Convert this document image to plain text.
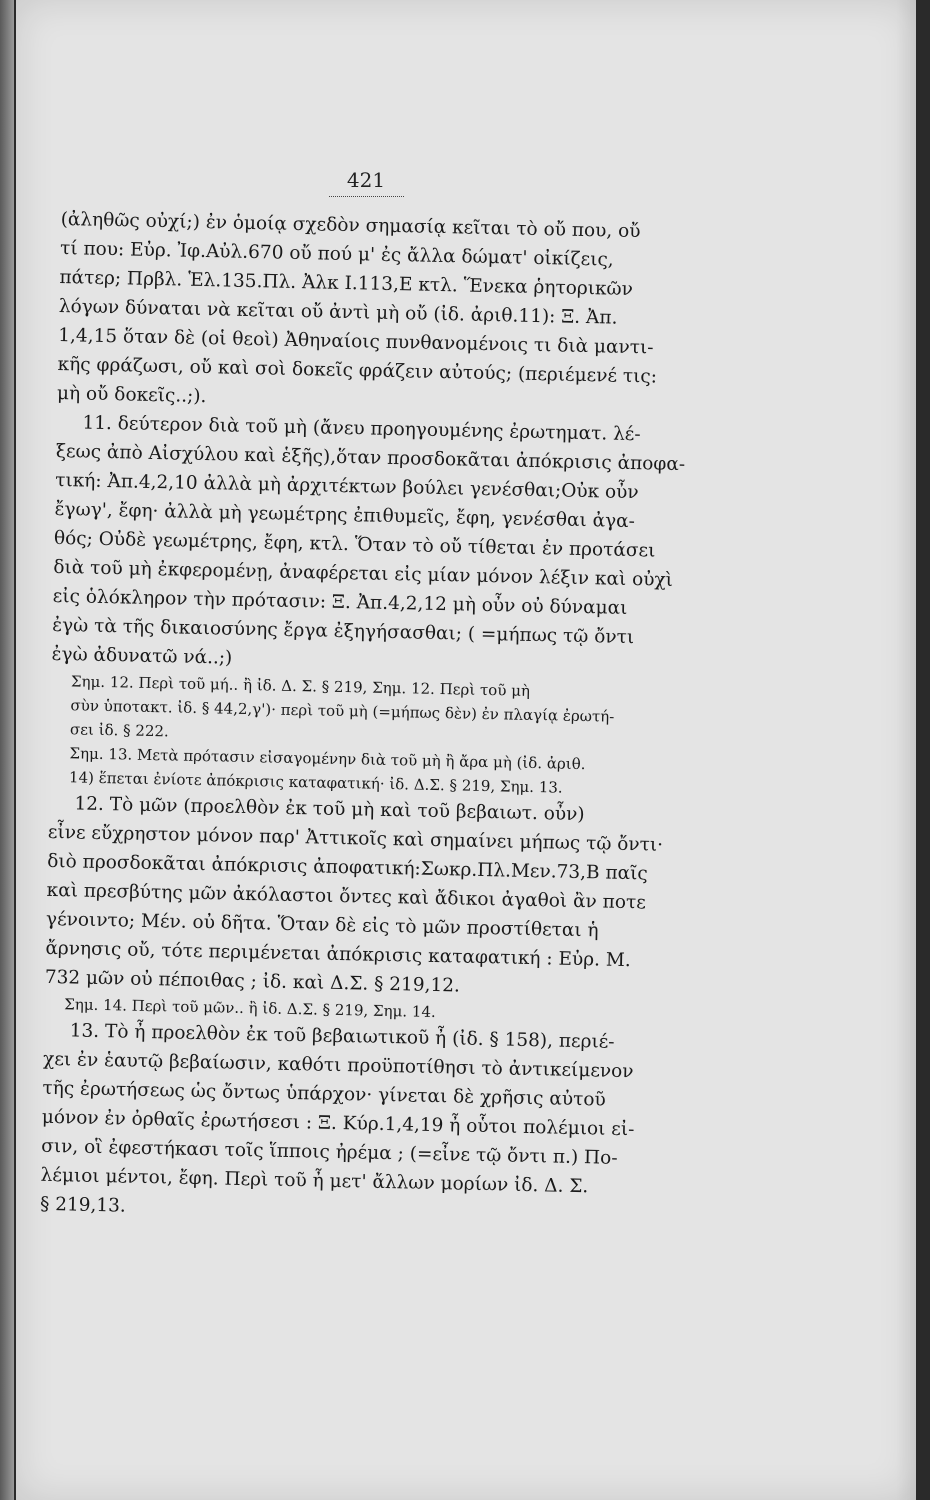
421
(ἀληθῶς οὐχί;) ἐν ὁμοίᾳ σχεδὸν σημασίᾳ κεῖται τὸ οὔ που, οὔ
τί που: Εὐρ. Ἰφ.Αὐλ.670 οὔ πού μ' ἐς ἄλλα δώματ' οἰκίζεις,
πάτερ; Πρβλ. Ἑλ.135.Πλ. Ἀλκ Ι.113,Ε κτλ. Ἕνεκα ῥητορικῶν
λόγων δύναται νὰ κεῖται οὔ ἀντὶ μὴ οὔ (ἰδ. ἀριθ.11): Ξ. Ἀπ.
1,4,15 ὅταν δὲ (οἱ θεοὶ) Ἀθηναίοις πυνθανομένοις τι διὰ μαντι-
κῆς φράζωσι, οὔ καὶ σοὶ δοκεῖς φράζειν αὐτούς; (περιέμενέ τις:
μὴ οὔ δοκεῖς..;).
11. δεύτερον διὰ τοῦ μὴ (ἄνευ προηγουμένης ἐρωτηματ. λέ-
ξεως ἀπὸ Αἰσχύλου καὶ ἑξῆς),ὅταν προσδοκᾶται ἀπόκρισις ἀποφα-
τική: Ἀπ.4,2,10 ἀλλὰ μὴ ἀρχιτέκτων βούλει γενέσθαι;Οὐκ οὖν
ἔγωγ', ἔφη· ἀλλὰ μὴ γεωμέτρης ἐπιθυμεῖς, ἔφη, γενέσθαι ἀγα-
θός; Οὐδὲ γεωμέτρης, ἔφη, κτλ. Ὅταν τὸ οὔ τίθεται ἐν προτάσει
διὰ τοῦ μὴ ἐκφερομένῃ, ἀναφέρεται εἰς μίαν μόνον λέξιν καὶ οὐχὶ
εἰς ὁλόκληρον τὴν πρότασιν: Ξ. Ἀπ.4,2,12 μὴ οὖν οὐ δύναμαι
ἐγὼ τὰ τῆς δικαιοσύνης ἔργα ἐξηγήσασθαι; ( =μήπως τῷ ὄντι
ἐγὼ ἀδυνατῶ νά..;)
Σημ. 12. Περὶ τοῦ μή.. ἢ ἰδ. Δ. Σ. § 219, Σημ. 12. Περὶ τοῦ μὴ
σὺν ὑποτακτ. ἰδ. § 44,2,γ')· περὶ τοῦ μὴ (=μήπως δὲν) ἐν πλαγίᾳ ἐρωτή-
σει ἰδ. § 222.
Σημ. 13. Μετὰ πρότασιν εἰσαγομένην διὰ τοῦ μὴ ἢ ἄρα μὴ (ἰδ. ἀριθ.
14) ἕπεται ἐνίοτε ἀπόκρισις καταφατική· ἰδ. Δ.Σ. § 219, Σημ. 13.
12. Τὸ μῶν (προελθὸν ἐκ τοῦ μὴ καὶ τοῦ βεβαιωτ. οὖν)
εἶνε εὔχρηστον μόνον παρ' Ἀττικοῖς καὶ σημαίνει μήπως τῷ ὄντι·
διὸ προσδοκᾶται ἀπόκρισις ἀποφατική:Σωκρ.Πλ.Μεν.73,Β παῖς
καὶ πρεσβύτης μῶν ἀκόλαστοι ὄντες καὶ ἄδικοι ἀγαθοὶ ἂν ποτε
γένοιντο; Μέν. οὐ δῆτα. Ὅταν δὲ εἰς τὸ μῶν προστίθεται ἡ
ἄρνησις οὔ, τότε περιμένεται ἀπόκρισις καταφατική : Εὐρ. Μ.
732 μῶν οὐ πέποιθας ; ἰδ. καὶ Δ.Σ. § 219,12.
Σημ. 14. Περὶ τοῦ μῶν.. ἢ ἰδ. Δ.Σ. § 219, Σημ. 14.
13. Τὸ ἦ προελθὸν ἐκ τοῦ βεβαιωτικοῦ ἦ (ἰδ. § 158), περιέ-
χει ἐν ἑαυτῷ βεβαίωσιν, καθότι προϋποτίθησι τὸ ἀντικείμενον
τῆς ἐρωτήσεως ὡς ὄντως ὑπάρχον· γίνεται δὲ χρῆσις αὐτοῦ
μόνον ἐν ὀρθαῖς ἐρωτήσεσι : Ξ. Κύρ.1,4,19 ἦ οὗτοι πολέμιοι εἰ-
σιν, οἳ ἐφεστήκασι τοῖς ἵπποις ἠρέμα ; (=εἶνε τῷ ὄντι π.) Πο-
λέμιοι μέντοι, ἔφη. Περὶ τοῦ ἦ μετ' ἄλλων μορίων ἰδ. Δ. Σ.
§ 219,13.
